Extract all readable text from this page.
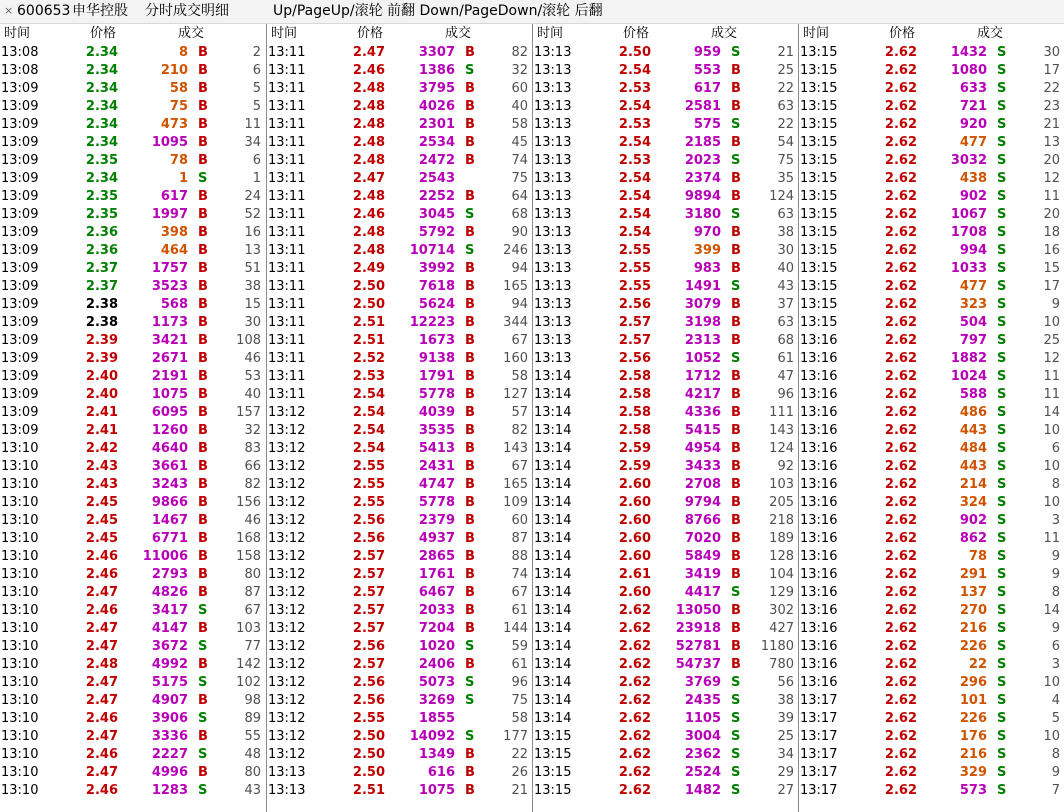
× 600653 申华控股 分时成交明细	Up/PageUp/滚轮 前翻 Down/PageDown/滚轮 后翻
时间	价格	成交
13:08	2.34	8 B	2
13:08	2.34	210 B	6
13:09	2.34	58 B	5
13:09	2.34	75 B	5
13:09	2.34	473 B	11
13:09	2.34	1095 B	34
13:09	2.35	78 B	6
13:09	2.34	1 S	1
13:09	2.35	617 B	24
13:09	2.35	1997 B	52
13:09	2.36	398 B	16
13:09	2.36	464 B	13
13:09	2.37	1757 B	51
13:09	2.37	3523 B	38
13:09	2.38	568 B	15
13:09	2.38	1173 B	30
13:09	2.39	3421 B 108
13:09	2.39	2671 B	46
13:09	2.40	2191 B	53
13:09	2.40	1075 B	40
13:09	2.41	6095 B 157
13:09	2.41	1260 B	32
13:10	2.42	4640 B	83
13:10	2.43	3661 B	66
13:10	2.43	3243 B	82
13:10	2.45	9866 B 156
13:10	2.45	1467 B	46
13:10	2.45	6771 B 168
13:10	2.46 11006 B 158
13:10	2.46	2793 B	80
13:10	2.47	4826 B	87
13:10	2.46	3417 S	67
13:10	2.47	4147 B 103
13:10	2.47	3672 S	77
13:10	2.48	4992 B 142
13:10	2.47	5175 S 102
13:10	2.47	4907 B	98
13:10	2.46	3906 S	89
13:10	2.47	3336 B	55
13:10	2.46	2227 S	48
13:10	2.47	4996 B	80
13:10	2.46	1283 S	43
时间	价格	成交
13:11	2.47	3307 B	82
13:11	2.46	1386 S	32
13:11	2.48	3795 B	60
13:11	2.48	4026 B	40
13:11	2.48	2301 B	58
13:11	2.48	2534 B	45
13:11	2.48	2472 B	74
13:11	2.47	2543	75
13:11	2.48	2252 B	64
13:11	2.46	3045 S	68
13:11	2.48	5792 B	90
13:11	2.48 10714 S 246
13:11	2.49	3992 B	94
13:11	2.50	7618 B 165
13:11	2.50	5624 B	94
13:11	2.51 12223 B 344
13:11	2.51	1673 B	67
13:11	2.52	9138 B 160
13:11	2.53	1791 B	58
13:11	2.54	5778 B 127
13:12	2.54	4039 B	57
13:12	2.54	3535 B	82
13:12	2.54	5413 B 143
13:12	2.55	2431 B	67
13:12	2.55	4747 B 165
13:12	2.55	5778 B 109
13:12	2.56	2379 B	60
13:12	2.56	4937 B	87
13:12	2.57	2865 B	88
13:12	2.57	1761 B	74
13:12	2.57	6467 B	67
13:12	2.57	2033 B	61
13:12	2.57	7204 B 144
13:12	2.56	1020 S	59
13:12	2.57	2406 B	61
13:12	2.56	5073 S	96
13:12	2.56	3269 S	75
13:12	2.55	1855	58
13:12	2.50 14092 S 177
13:12	2.50	1349 B	22
13:13	2.50	616 B	26
13:13	2.51	1075 B	21
时间	价格	成交
13:13	2.50	959 S	21
13:13	2.54	553 B	25
13:13	2.53	617 B	22
13:13	2.54	2581 B	63
13:13	2.53	575 S	22
13:13	2.54	2185 B	54
13:13	2.53	2023 S	75
13:13	2.54	2374 B	35
13:13	2.54	9894 B 124
13:13	2.54	3180 S	63
13:13	2.54	970 B	38
13:13	2.55	399 B	30
13:13	2.55	983 B	40
13:13	2.55	1491 S	43
13:13	2.56	3079 B	37
13:13	2.57	3198 B	63
13:13	2.57	2313 B	68
13:13	2.56	1052 S	61
13:14	2.58	1712 B	47
13:14	2.58	4217 B	96
13:14	2.58	4336 B 111
13:14	2.58	5415 B 143
13:14	2.59	4954 B 124
13:14	2.59	3433 B	92
13:14	2.60	2708 B 103
13:14	2.60	9794 B 205
13:14	2.60	8766 B 218
13:14	2.60	7020 B 189
13:14	2.60	5849 B 128
13:14	2.61	3419 B 104
13:14	2.60	4417 S 129
13:14	2.62 13050 B 302
13:14	2.62 23918 B 427
13:14	2.62 52781 B 1180
13:14	2.62 54737 B 780
13:14	2.62	3769 S	56
13:14	2.62	2435 S	38
13:14	2.62	1105 S	39
13:15	2.62	3004 S	25
13:15	2.62	2362 S	34
13:15	2.62	2524 S	29
13:15	2.62	1482 S	27
时间	价格	成交
13:15	2.62	1432 S	30
13:15	2.62	1080 S	17
13:15	2.62	633 S	22
13:15	2.62	721 S	23
13:15	2.62	920 S	21
13:15	2.62	477 S	13
13:15	2.62	3032 S	20
13:15	2.62	438 S	12
13:15	2.62	902 S	11
13:15	2.62	1067 S	20
13:15	2.62	1708 S	18
13:15	2.62	994 S	16
13:15	2.62	1033 S	15
13:15	2.62	477 S	17
13:15	2.62	323 S	9
13:15	2.62	504 S	10
13:16	2.62	797 S	25
13:16	2.62	1882 S	12
13:16	2.62	1024 S	11
13:16	2.62	588 S	11
13:16	2.62	486 S	14
13:16	2.62	443 S	10
13:16	2.62	484 S	6
13:16	2.62	443 S	10
13:16	2.62	214 S	8
13:16	2.62	324 S	10
13:16	2.62	902 S	3
13:16	2.62	862 S	11
13:16	2.62	78 S	9
13:16	2.62	291 S	9
13:16	2.62	137 S	8
13:16	2.62	270 S	14
13:16	2.62	216 S	9
13:16	2.62	226 S	6
13:16	2.62	22 S	3
13:16	2.62	296 S	10
13:17	2.62	101 S	4
13:17	2.62	226 S	5
13:17	2.62	176 S	10
13:17	2.62	216 S	8
13:17	2.62	329 S	9
13:17	2.62	573 S	7
